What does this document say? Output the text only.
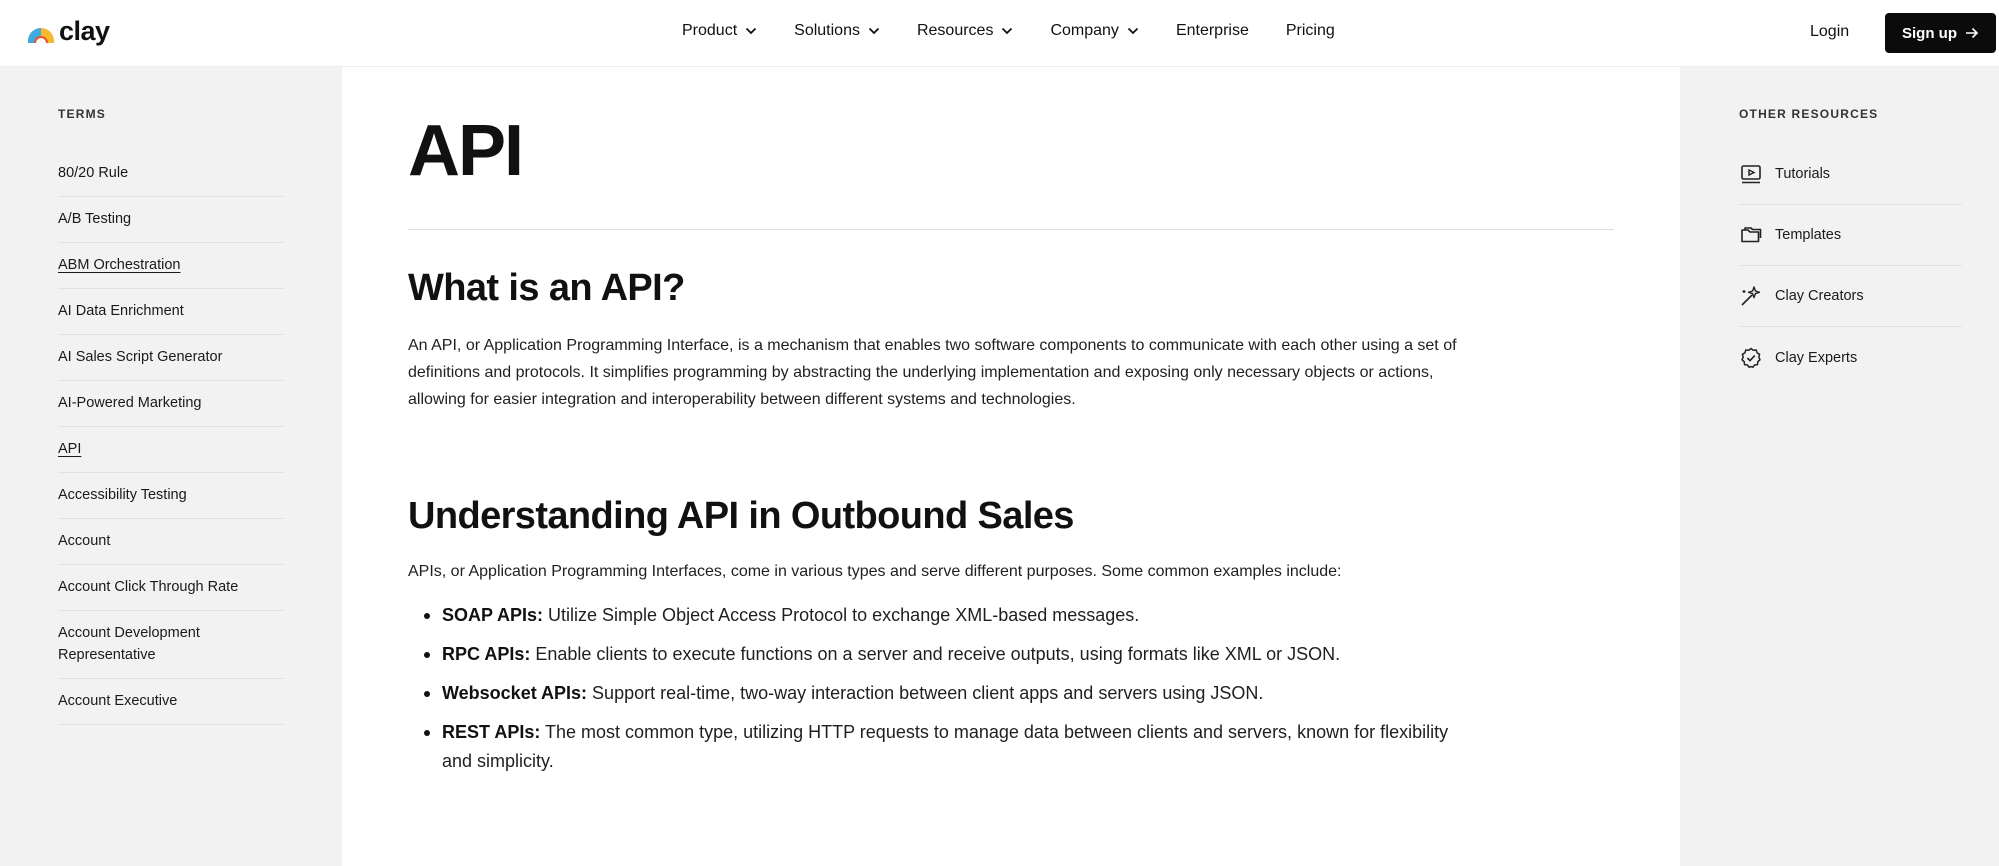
clay	Product	Solutions	Resources	Company	Enterprise Pricing	Login	Sign up
TERMS
80/20 Rule
A/B Testing
ABM Orchestration
AI Data Enrichment
AI Sales Script Generator
AI-Powered Marketing
API
Accessibility Testing
Account
Account Click Through Rate
Account Development Representative
Account Executive
API
What is an API?

An API, or Application Programming Interface, is a mechanism that enables two software components to communicate with each other using a set of definitions and protocols. It simplifies programming by abstracting the underlying implementation and exposing only necessary objects or actions, allowing for easier integration and interoperability between different systems and technologies.

Understanding API in Outbound Sales

APIs, or Application Programming Interfaces, come in various types and serve different purposes. Some common examples include:

SOAP APIs: Utilize Simple Object Access Protocol to exchange XML-based messages.
RPC APIs: Enable clients to execute functions on a server and receive outputs, using formats like XML or JSON.
Websocket APIs: Support real-time, two-way interaction between client apps and servers using JSON.
REST APIs: The most common type, utilizing HTTP requests to manage data between clients and servers, known for flexibility and simplicity.
OTHER RESOURCES
Tutorials
Templates
Clay Creators
Clay Experts
